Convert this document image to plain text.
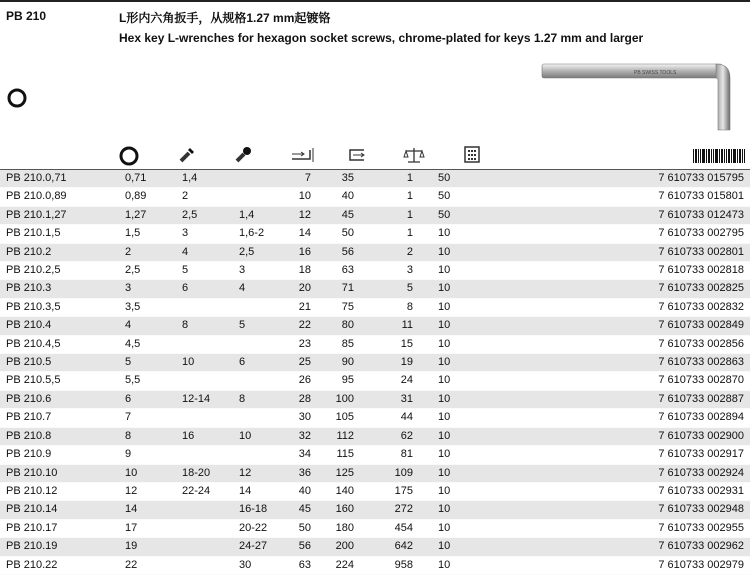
PB 210	L形内六角扳手，从规格1.27 mm起镀铬
Hex key L-wrenches for hexagon socket screws, chrome-plated for keys 1.27 mm and larger
PB SWISS TOOLS
PB 210.0,71	0,71	1,4		7	35	1	50	7 610733 015795
PB 210.0,89	0,89	2		10	40	1	50	7 610733 015801
PB 210.1,27	1,27	2,5	1,4	12	45	1	50	7 610733 012473
PB 210.1,5	1,5	3	1,6-2	14	50	1	10	7 610733 002795
PB 210.2	2	4	2,5	16	56	2	10	7 610733 002801
PB 210.2,5	2,5	5	3	18	63	3	10	7 610733 002818
PB 210.3	3	6	4	20	71	5	10	7 610733 002825
PB 210.3,5	3,5			21	75	8	10	7 610733 002832
PB 210.4	4	8	5	22	80	11	10	7 610733 002849
PB 210.4,5	4,5			23	85	15	10	7 610733 002856
PB 210.5	5	10	6	25	90	19	10	7 610733 002863
PB 210.5,5	5,5			26	95	24	10	7 610733 002870
PB 210.6	6	12-14	8	28	100	31	10	7 610733 002887
PB 210.7	7			30	105	44	10	7 610733 002894
PB 210.8	8	16	10	32	112	62	10	7 610733 002900
PB 210.9	9			34	115	81	10	7 610733 002917
PB 210.10	10	18-20	12	36	125	109	10	7 610733 002924
PB 210.12	12	22-24	14	40	140	175	10	7 610733 002931
PB 210.14	14		16-18	45	160	272	10	7 610733 002948
PB 210.17	17		20-22	50	180	454	10	7 610733 002955
PB 210.19	19		24-27	56	200	642	10	7 610733 002962
PB 210.22	22		30	63	224	958	10	7 610733 002979
